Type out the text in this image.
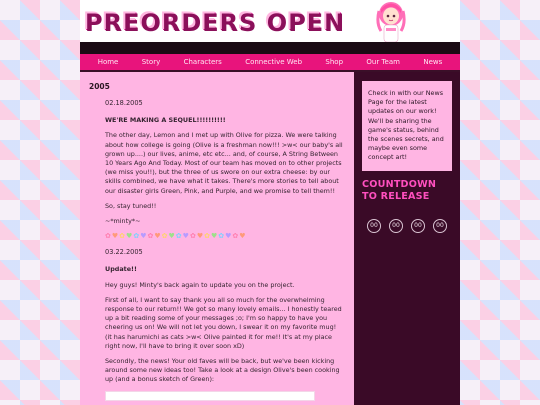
PREORDERS OPEN
Home	Story	Characters	Connective Web	Shop	Our Team	News
2005

02.18.2005

WE'RE MAKING A SEQUEL!!!!!!!!!!

The other day, Lemon and I met up with Olive for pizza. We were talking about how college is going (Olive is a freshman now!!! >w< our baby's all grown up....) our lives, anime, etc etc... and, of course, A String Between 10 Years Ago And Today. Most of our team has moved on to other projects (we miss you!!), but the three of us swore on our extra cheese: by our skills combined, we have what it takes. There's more stories to tell about our disaster girls Green, Pink, and Purple, and we promise to tell them!!

So, stay tuned!!

~*minty*~

✿ ♥ ✿ ♥ ✿ ♥ ✿ ♥ ✿ ♥ ✿ ♥ ✿ ♥ ✿ ♥ ✿ ♥ ✿ ♥

03.22.2005

Update!!

Hey guys! Minty's back again to update you on the project.

First of all, I want to say thank you all so much for the overwhelming response to our return!! We got so many lovely emails... I honestly teared up a bit reading some of your messages ;o; I'm so happy to have you cheering us on! We will not let you down, I swear it on my favorite mug! (it has harumichi as cats >w< Olive painted it for me!! It's at my place right now, I'll have to bring it over soon xD)

Secondly, the news! Your old faves will be back, but we've been kicking around some new ideas too! Take a look at a design Olive's been cooking up (and a bonus sketch of Green):

Check in with our News Page for the latest updates on our work! We'll be sharing the game's status, behind the scenes secrets, and maybe even some concept art!

COUNTDOWN TO RELEASE
00	00	00	00
